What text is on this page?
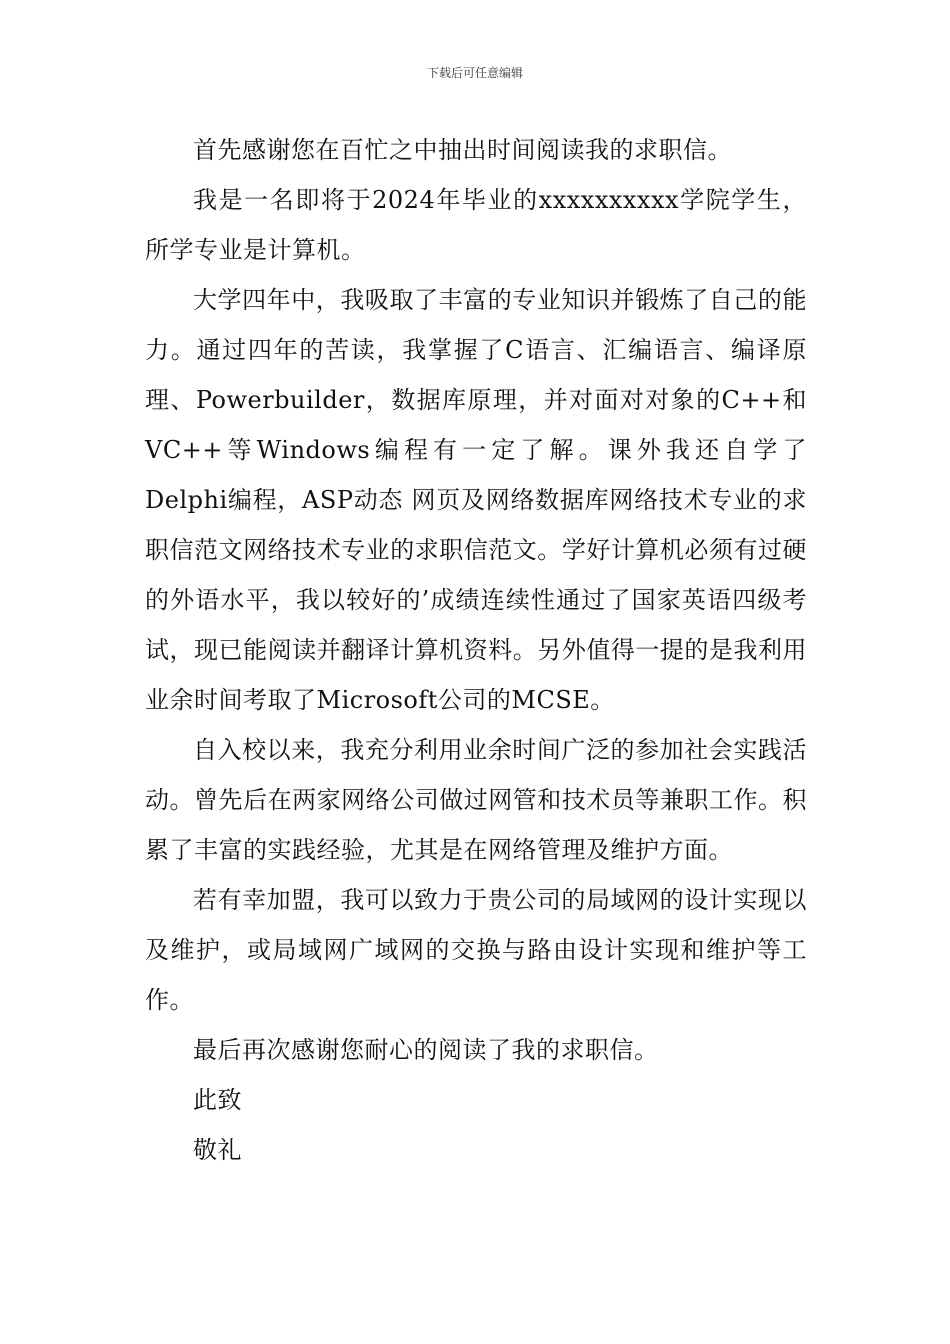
下载后可任意编辑

首先感谢您在百忙之中抽出时间阅读我的求职信。

我是一名即将于2024年毕业的xxxxxxxxxx学院学生，所学专业是计算机。

大学四年中，我吸取了丰富的专业知识并锻炼了自己的能力。通过四年的苦读，我掌握了C语言、汇编语言、编译原理、Powerbuilder，数据库原理，并对面对对象的C++和VC++等Windows编程有一定了解。课外我还自学了Delphi编程，ASP动态 网页及网络数据库网络技术专业的求职信范文网络技术专业的求职信范文。学好计算机必须有过硬的外语水平，我以较好的’成绩连续性通过了国家英语四级考试，现已能阅读并翻译计算机资料。另外值得一提的是我利用业余时间考取了Microsoft公司的MCSE。

自入校以来，我充分利用业余时间广泛的参加社会实践活动。曾先后在两家网络公司做过网管和技术员等兼职工作。积累了丰富的实践经验，尤其是在网络管理及维护方面。

若有幸加盟，我可以致力于贵公司的局域网的设计实现以及维护，或局域网广域网的交换与路由设计实现和维护等工作。

最后再次感谢您耐心的阅读了我的求职信。

此致

敬礼
